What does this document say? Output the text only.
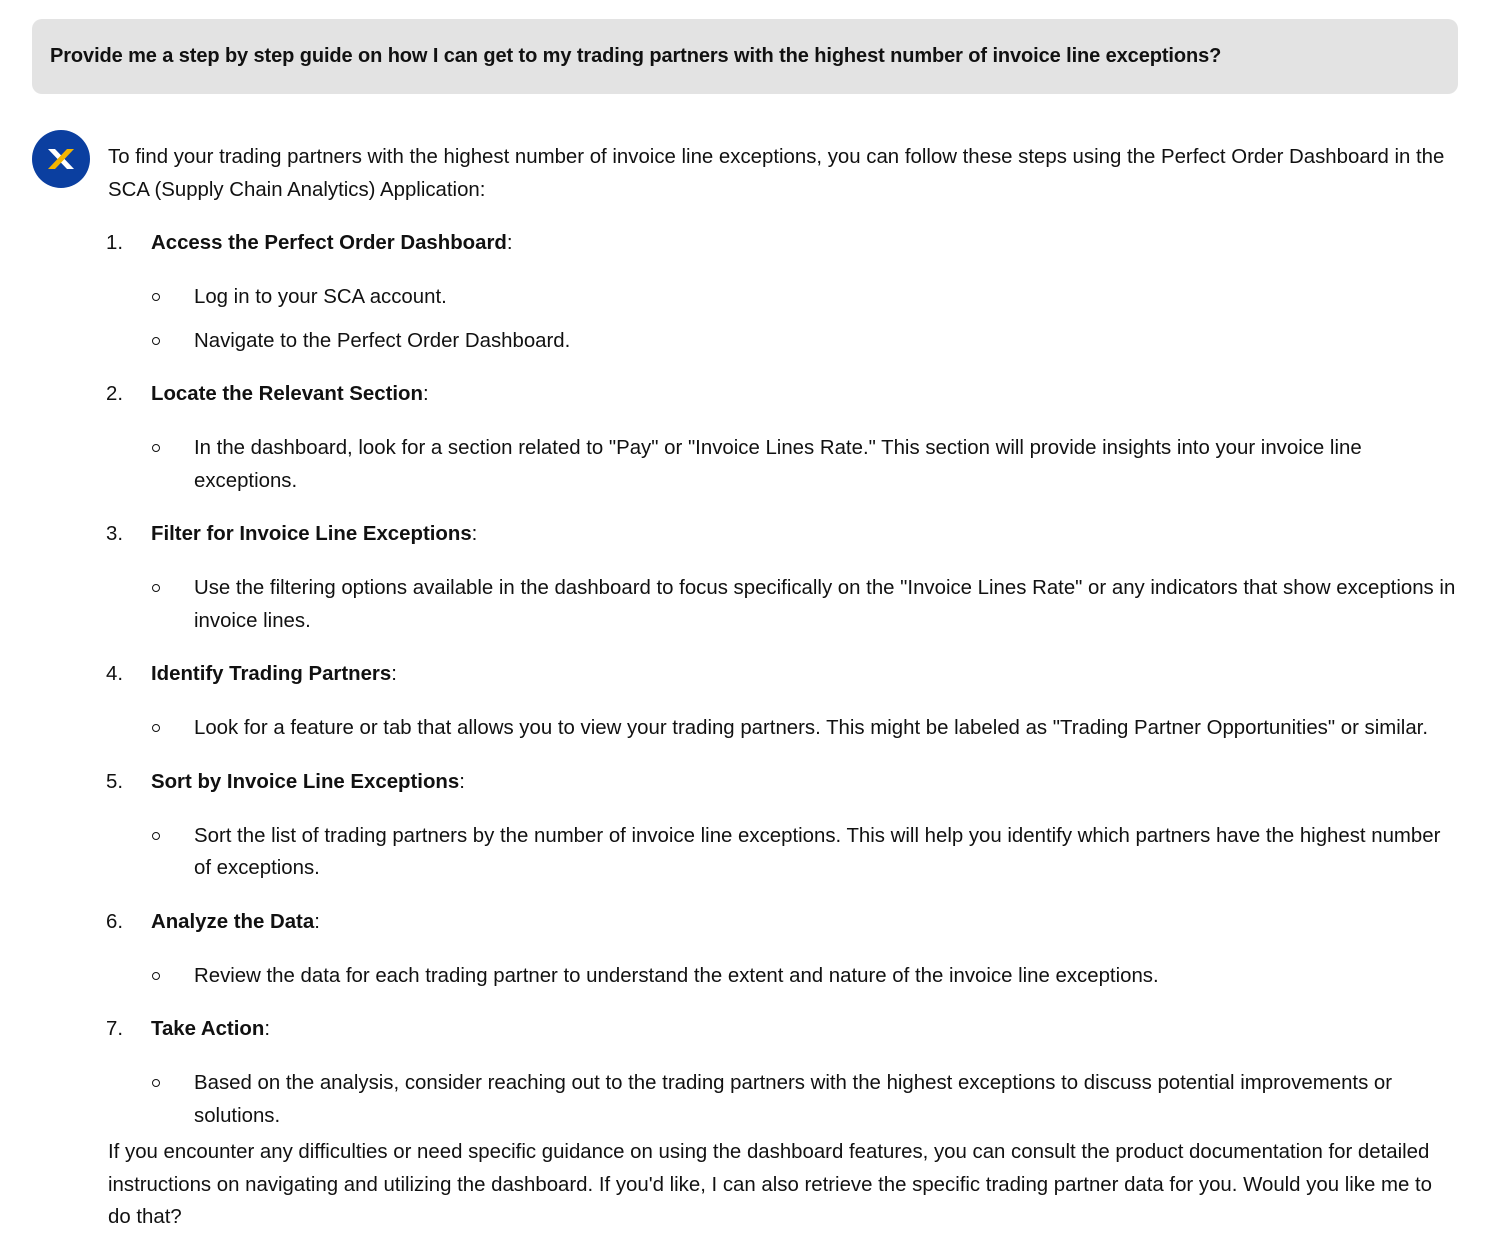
Provide me a step by step guide on how I can get to my trading partners with the highest number of invoice line exceptions?

To find your trading partners with the highest number of invoice line exceptions, you can follow these steps using the Perfect Order Dashboard in the SCA (Supply Chain Analytics) Application:

1. Access the Perfect Order Dashboard:
Log in to your SCA account.
Navigate to the Perfect Order Dashboard.
2. Locate the Relevant Section:
In the dashboard, look for a section related to "Pay" or "Invoice Lines Rate." This section will provide insights into your invoice line exceptions.
3. Filter for Invoice Line Exceptions:
Use the filtering options available in the dashboard to focus specifically on the "Invoice Lines Rate" or any indicators that show exceptions in invoice lines.
4. Identify Trading Partners:
Look for a feature or tab that allows you to view your trading partners. This might be labeled as "Trading Partner Opportunities" or similar.
5. Sort by Invoice Line Exceptions:
Sort the list of trading partners by the number of invoice line exceptions. This will help you identify which partners have the highest number of exceptions.
6. Analyze the Data:
Review the data for each trading partner to understand the extent and nature of the invoice line exceptions.
7. Take Action:
Based on the analysis, consider reaching out to the trading partners with the highest exceptions to discuss potential improvements or solutions.

If you encounter any difficulties or need specific guidance on using the dashboard features, you can consult the product documentation for detailed instructions on navigating and utilizing the dashboard. If you'd like, I can also retrieve the specific trading partner data for you. Would you like me to do that?
